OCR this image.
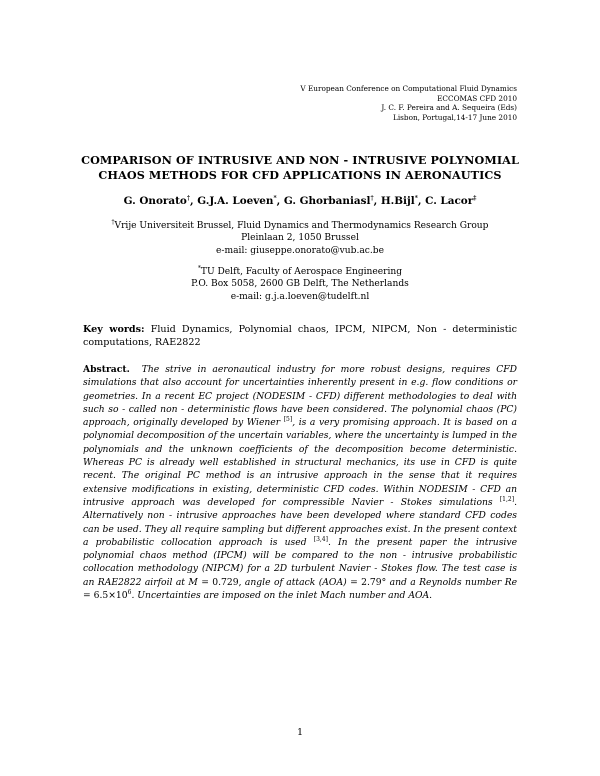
V European Conference on Computational Fluid Dynamics
ECCOMAS CFD 2010
J. C. F. Pereira and A. Sequeira (Eds)
Lisbon, Portugal,14-17 June 2010
COMPARISON OF INTRUSIVE AND NON - INTRUSIVE POLYNOMIAL
CHAOS METHODS FOR CFD APPLICATIONS IN AERONAUTICS
G. Onorato†, G.J.A. Loeven*, G. Ghorbaniasl†, H.Bijl*, C. Lacor‡
†Vrije Universiteit Brussel, Fluid Dynamics and Thermodynamics Research Group
Pleinlaan 2, 1050 Brussel
e-mail: giuseppe.onorato@vub.ac.be
*TU Delft, Faculty of Aerospace Engineering
P.O. Box 5058, 2600 GB Delft, The Netherlands
e-mail: g.j.a.loeven@tudelft.nl
Key words: Fluid Dynamics, Polynomial chaos, IPCM, NIPCM, Non - deterministic computations, RAE2822
Abstract. The strive in aeronautical industry for more robust designs, requires CFD simulations that also account for uncertainties inherently present in e.g. flow conditions or geometries. In a recent EC project (NODESIM - CFD) different methodologies to deal with such so - called non - deterministic flows have been considered. The polynomial chaos (PC) approach, originally developed by Wiener [5], is a very promising approach. It is based on a polynomial decomposition of the uncertain variables, where the uncertainty is lumped in the polynomials and the unknown coefficients of the decomposition become deterministic. Whereas PC is already well established in structural mechanics, its use in CFD is quite recent. The original PC method is an intrusive approach in the sense that it requires extensive modifications in existing, deterministic CFD codes. Within NODESIM - CFD an intrusive approach was developed for compressible Navier - Stokes simulations [1,2]. Alternatively non - intrusive approaches have been developed where standard CFD codes can be used. They all require sampling but different approaches exist. In the present context a probabilistic collocation approach is used [3,4]. In the present paper the intrusive polynomial chaos method (IPCM) will be compared to the non - intrusive probabilistic collocation methodology (NIPCM) for a 2D turbulent Navier - Stokes flow. The test case is an RAE2822 airfoil at M = 0.729, angle of attack (AOA) = 2.79° and a Reynolds number $Re = 6.5\times 10^6$. Uncertainties are imposed on the inlet Mach number and AOA.
1
